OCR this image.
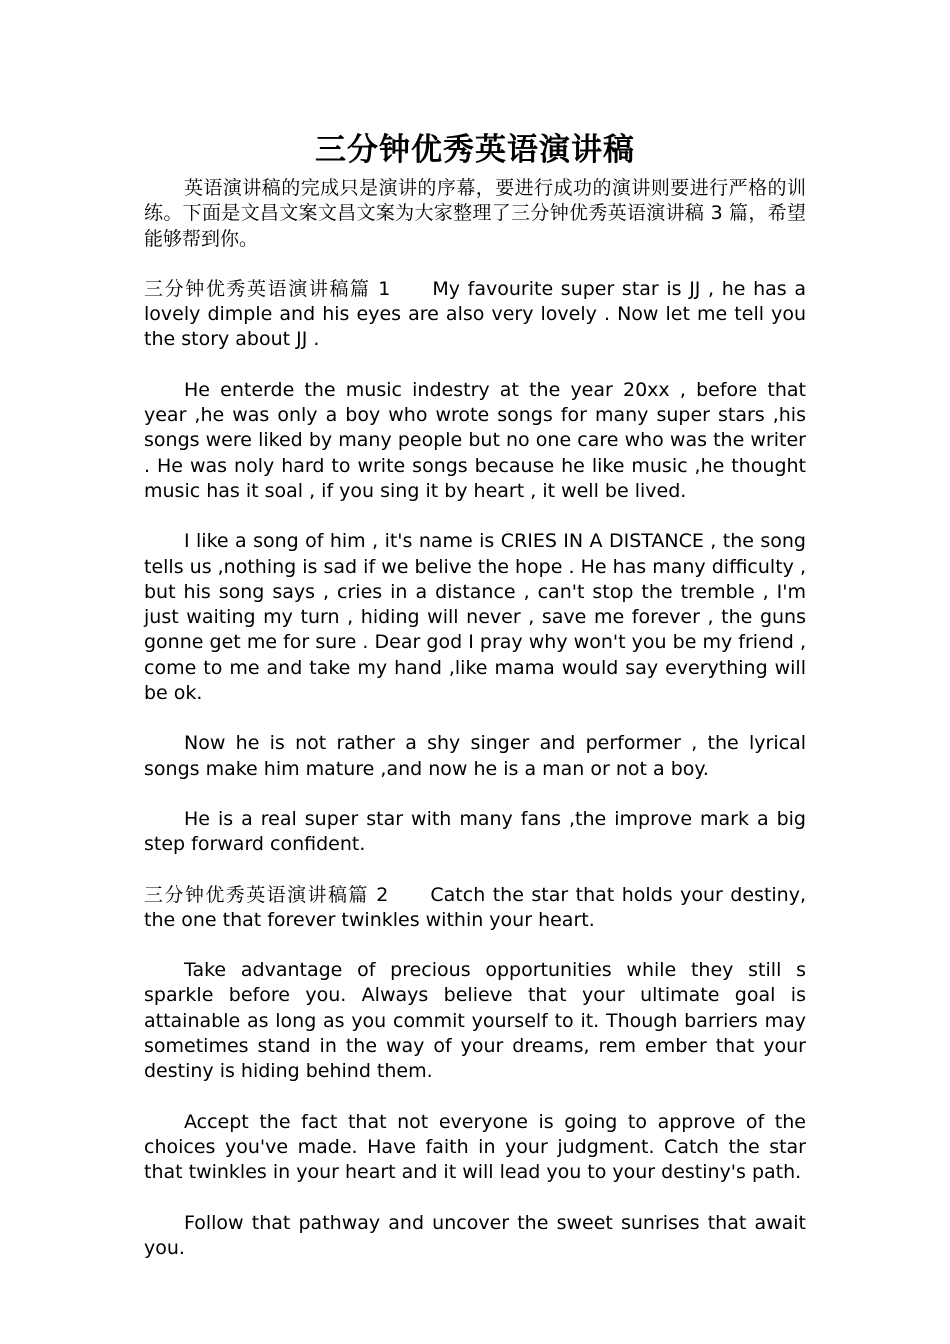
三分钟优秀英语演讲稿

英语演讲稿的完成只是演讲的序幕，要进行成功的演讲则要进行严格的训练。下面是文昌文案文昌文案为大家整理了三分钟优秀英语演讲稿 3 篇，希望能够帮到你。

三分钟优秀英语演讲稿篇 1 My favourite super star is JJ , he has a lovely dimple and his eyes are also very lovely . Now let me tell you the story about JJ .

He enterde the music indestry at the year 20xx , before that year ,he was only a boy who wrote songs for many super stars ,his songs were liked by many people but no one care who was the writer . He was noly hard to write songs because he like music ,he thought music has it soal , if you sing it by heart , it well be lived.

I like a song of him , it's name is CRIES IN A DISTANCE , the song tells us ,nothing is sad if we belive the hope . He has many difficulty , but his song says , cries in a distance , can't stop the tremble , I'm just waiting my turn , hiding will never , save me forever , the guns gonne get me for sure . Dear god I pray why won't you be my friend , come to me and take my hand ,like mama would say everything will be ok.

Now he is not rather a shy singer and performer , the lyrical songs make him mature ,and now he is a man or not a boy.

He is a real super star with many fans ,the improve mark a big step forward confident.

三分钟优秀英语演讲稿篇 2 Catch the star that holds your destiny, the one that forever twinkles within your heart.

Take advantage of precious opportunities while they still s sparkle before you. Always believe that your ultimate goal is attainable as long as you commit yourself to it. Though barriers may sometimes stand in the way of your dreams, rem ember that your destiny is hiding behind them.

Accept the fact that not everyone is going to approve of the choices you've made. Have faith in your judgment. Catch the star that twinkles in your heart and it will lead you to your destiny's path.

Follow that pathway and uncover the sweet sunrises that await you.
